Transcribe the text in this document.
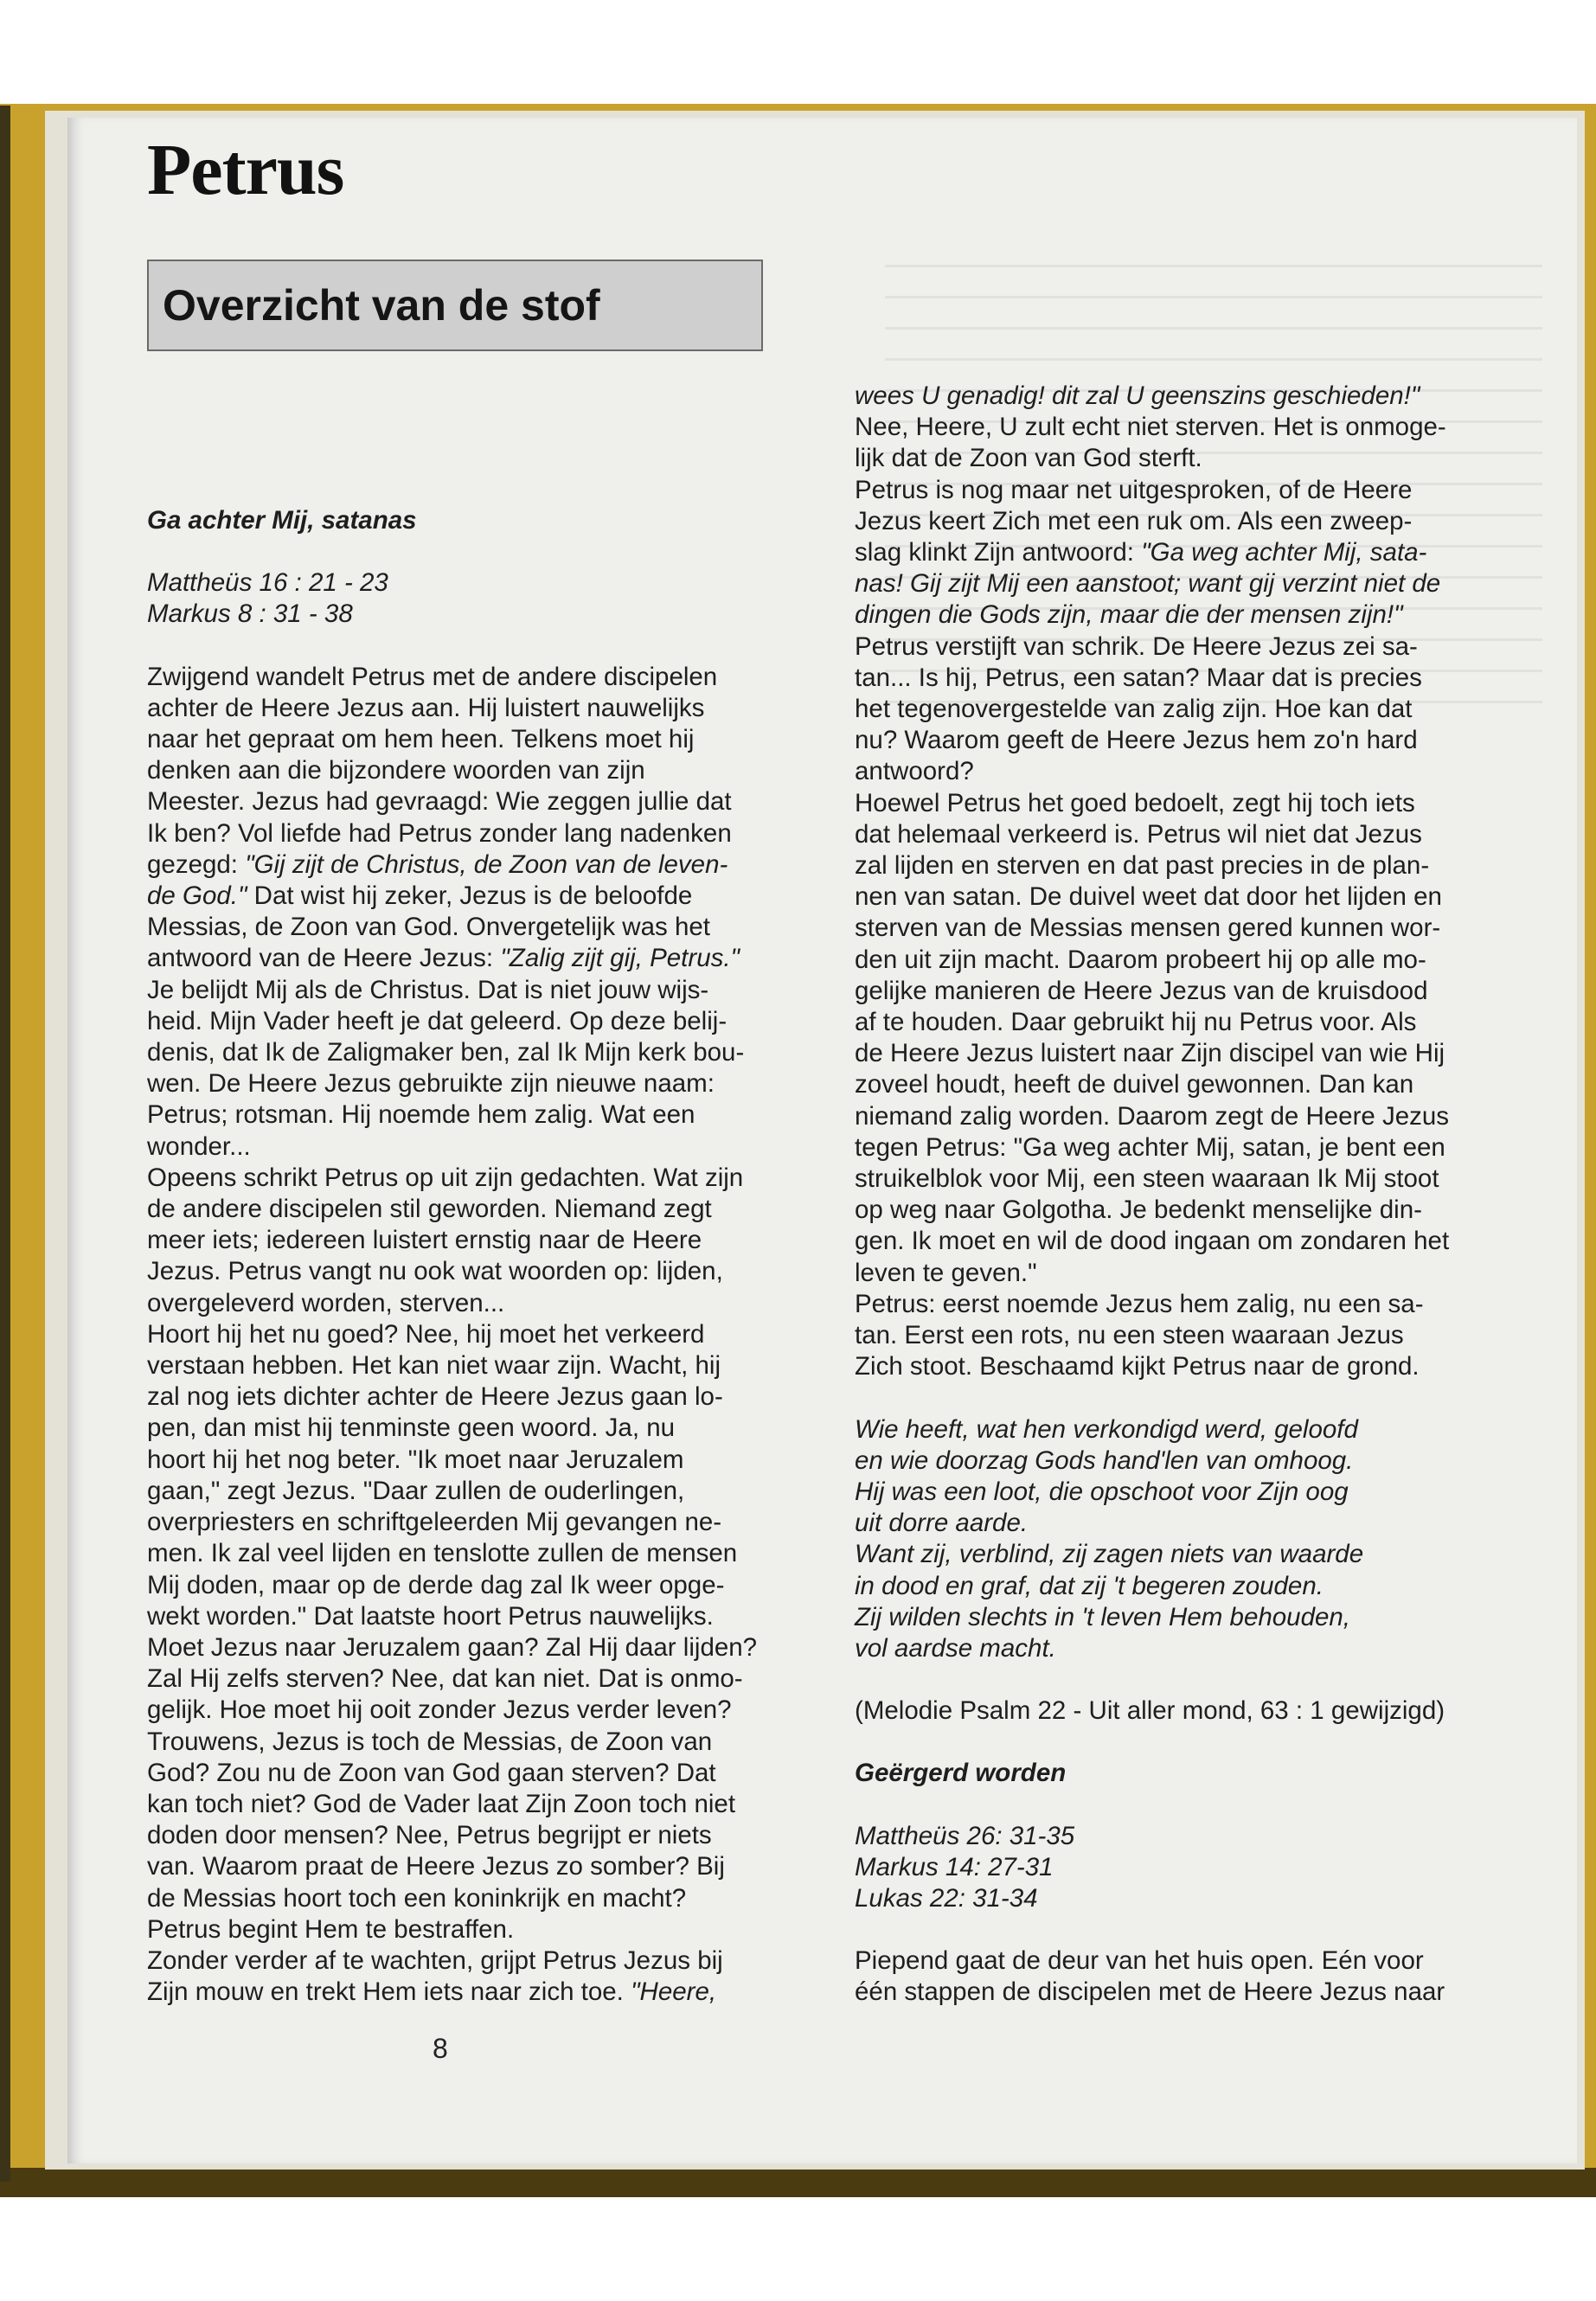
Petrus
Overzicht van de stof

Ga achter Mij, satanas

Mattheüs 16 : 21 - 23

Markus 8 : 31 - 38

Zwijgend wandelt Petrus met de andere discipelen

achter de Heere Jezus aan. Hij luistert nauwelijks

naar het gepraat om hem heen. Telkens moet hij

denken aan die bijzondere woorden van zijn

Meester. Jezus had gevraagd: Wie zeggen jullie dat

Ik ben? Vol liefde had Petrus zonder lang nadenken

gezegd: "Gij zijt de Christus, de Zoon van de leven-

de God." Dat wist hij zeker, Jezus is de beloofde

Messias, de Zoon van God. Onvergetelijk was het

antwoord van de Heere Jezus: "Zalig zijt gij, Petrus."

Je belijdt Mij als de Christus. Dat is niet jouw wijs-

heid. Mijn Vader heeft je dat geleerd. Op deze belij-

denis, dat Ik de Zaligmaker ben, zal Ik Mijn kerk bou-

wen. De Heere Jezus gebruikte zijn nieuwe naam:

Petrus; rotsman. Hij noemde hem zalig. Wat een

wonder...

Opeens schrikt Petrus op uit zijn gedachten. Wat zijn

de andere discipelen stil geworden. Niemand zegt

meer iets; iedereen luistert ernstig naar de Heere

Jezus. Petrus vangt nu ook wat woorden op: lijden,

overgeleverd worden, sterven...

Hoort hij het nu goed? Nee, hij moet het verkeerd

verstaan hebben. Het kan niet waar zijn. Wacht, hij

zal nog iets dichter achter de Heere Jezus gaan lo-

pen, dan mist hij tenminste geen woord. Ja, nu

hoort hij het nog beter. "Ik moet naar Jeruzalem

gaan," zegt Jezus. "Daar zullen de ouderlingen,

overpriesters en schriftgeleerden Mij gevangen ne-

men. Ik zal veel lijden en tenslotte zullen de mensen

Mij doden, maar op de derde dag zal Ik weer opge-

wekt worden." Dat laatste hoort Petrus nauwelijks.

Moet Jezus naar Jeruzalem gaan? Zal Hij daar lijden?

Zal Hij zelfs sterven? Nee, dat kan niet. Dat is onmo-

gelijk. Hoe moet hij ooit zonder Jezus verder leven?

Trouwens, Jezus is toch de Messias, de Zoon van

God? Zou nu de Zoon van God gaan sterven? Dat

kan toch niet? God de Vader laat Zijn Zoon toch niet

doden door mensen? Nee, Petrus begrijpt er niets

van. Waarom praat de Heere Jezus zo somber? Bij

de Messias hoort toch een koninkrijk en macht?

Petrus begint Hem te bestraffen.

Zonder verder af te wachten, grijpt Petrus Jezus bij

Zijn mouw en trekt Hem iets naar zich toe. "Heere,

wees U genadig! dit zal U geenszins geschieden!"

Nee, Heere, U zult echt niet sterven. Het is onmoge-

lijk dat de Zoon van God sterft.

Petrus is nog maar net uitgesproken, of de Heere

Jezus keert Zich met een ruk om. Als een zweep-

slag klinkt Zijn antwoord: "Ga weg achter Mij, sata-

nas! Gij zijt Mij een aanstoot; want gij verzint niet de

dingen die Gods zijn, maar die der mensen zijn!"

Petrus verstijft van schrik. De Heere Jezus zei sa-

tan... Is hij, Petrus, een satan? Maar dat is precies

het tegenovergestelde van zalig zijn. Hoe kan dat

nu? Waarom geeft de Heere Jezus hem zo'n hard

antwoord?

Hoewel Petrus het goed bedoelt, zegt hij toch iets

dat helemaal verkeerd is. Petrus wil niet dat Jezus

zal lijden en sterven en dat past precies in de plan-

nen van satan. De duivel weet dat door het lijden en

sterven van de Messias mensen gered kunnen wor-

den uit zijn macht. Daarom probeert hij op alle mo-

gelijke manieren de Heere Jezus van de kruisdood

af te houden. Daar gebruikt hij nu Petrus voor. Als

de Heere Jezus luistert naar Zijn discipel van wie Hij

zoveel houdt, heeft de duivel gewonnen. Dan kan

niemand zalig worden. Daarom zegt de Heere Jezus

tegen Petrus: "Ga weg achter Mij, satan, je bent een

struikelblok voor Mij, een steen waaraan Ik Mij stoot

op weg naar Golgotha. Je bedenkt menselijke din-

gen. Ik moet en wil de dood ingaan om zondaren het

leven te geven."

Petrus: eerst noemde Jezus hem zalig, nu een sa-

tan. Eerst een rots, nu een steen waaraan Jezus

Zich stoot. Beschaamd kijkt Petrus naar de grond.

Wie heeft, wat hen verkondigd werd, geloofd

en wie doorzag Gods hand'len van omhoog.

Hij was een loot, die opschoot voor Zijn oog

uit dorre aarde.

Want zij, verblind, zij zagen niets van waarde

in dood en graf, dat zij 't begeren zouden.

Zij wilden slechts in 't leven Hem behouden,

vol aardse macht.

(Melodie Psalm 22 - Uit aller mond, 63 : 1 gewijzigd)

Geërgerd worden

Mattheüs 26: 31-35

Markus 14: 27-31

Lukas 22: 31-34

Piepend gaat de deur van het huis open. Eén voor

één stappen de discipelen met de Heere Jezus naar

8
